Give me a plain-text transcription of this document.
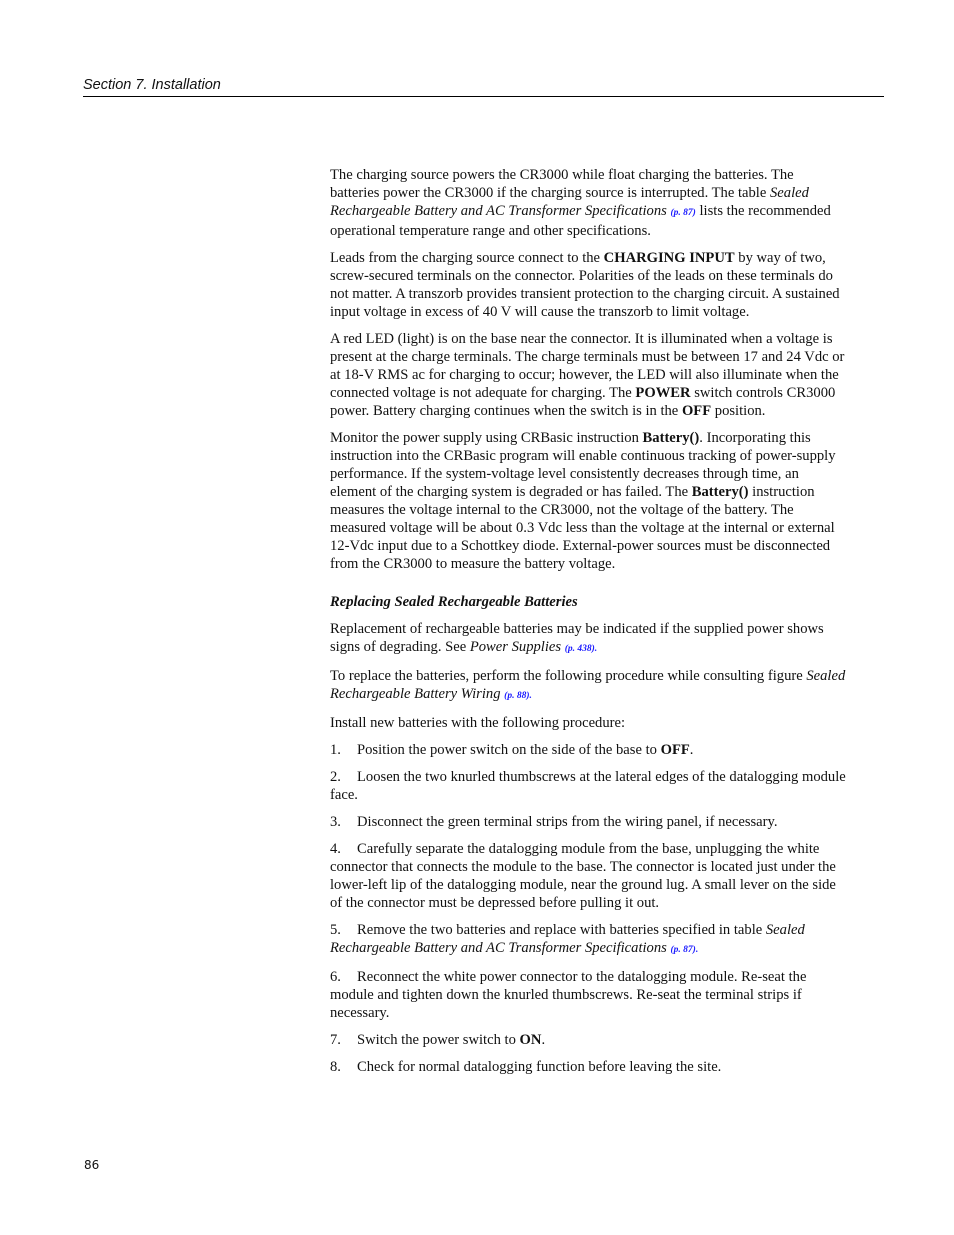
Section 7. Installation

The charging source powers the CR3000 while float charging the batteries. The batteries power the CR3000 if the charging source is interrupted. The table Sealed Rechargeable Battery and AC Transformer Specifications (p. 87) lists the recommended operational temperature range and other specifications.

Leads from the charging source connect to the CHARGING INPUT by way of two, screw-secured terminals on the connector. Polarities of the leads on these terminals do not matter. A transzorb provides transient protection to the charging circuit. A sustained input voltage in excess of 40 V will cause the transzorb to limit voltage.

A red LED (light) is on the base near the connector. It is illuminated when a voltage is present at the charge terminals. The charge terminals must be between 17 and 24 Vdc or at 18-V RMS ac for charging to occur; however, the LED will also illuminate when the connected voltage is not adequate for charging. The POWER switch controls CR3000 power. Battery charging continues when the switch is in the OFF position.

Monitor the power supply using CRBasic instruction Battery(). Incorporating this instruction into the CRBasic program will enable continuous tracking of power-supply performance. If the system-voltage level consistently decreases through time, an element of the charging system is degraded or has failed. The Battery() instruction measures the voltage internal to the CR3000, not the voltage of the battery. The measured voltage will be about 0.3 Vdc less than the voltage at the internal or external 12-Vdc input due to a Schottkey diode. External-power sources must be disconnected from the CR3000 to measure the battery voltage.

Replacing Sealed Rechargeable Batteries

Replacement of rechargeable batteries may be indicated if the supplied power shows signs of degrading. See Power Supplies (p. 438).

To replace the batteries, perform the following procedure while consulting figure Sealed Rechargeable Battery Wiring (p. 88).

Install new batteries with the following procedure:

1. Position the power switch on the side of the base to OFF.

2. Loosen the two knurled thumbscrews at the lateral edges of the datalogging module face.

3. Disconnect the green terminal strips from the wiring panel, if necessary.

4. Carefully separate the datalogging module from the base, unplugging the white connector that connects the module to the base. The connector is located just under the lower-left lip of the datalogging module, near the ground lug. A small lever on the side of the connector must be depressed before pulling it out.

5. Remove the two batteries and replace with batteries specified in table Sealed Rechargeable Battery and AC Transformer Specifications (p. 87).

6. Reconnect the white power connector to the datalogging module. Re-seat the module and tighten down the knurled thumbscrews. Re-seat the terminal strips if necessary.

7. Switch the power switch to ON.

8. Check for normal datalogging function before leaving the site.

86
